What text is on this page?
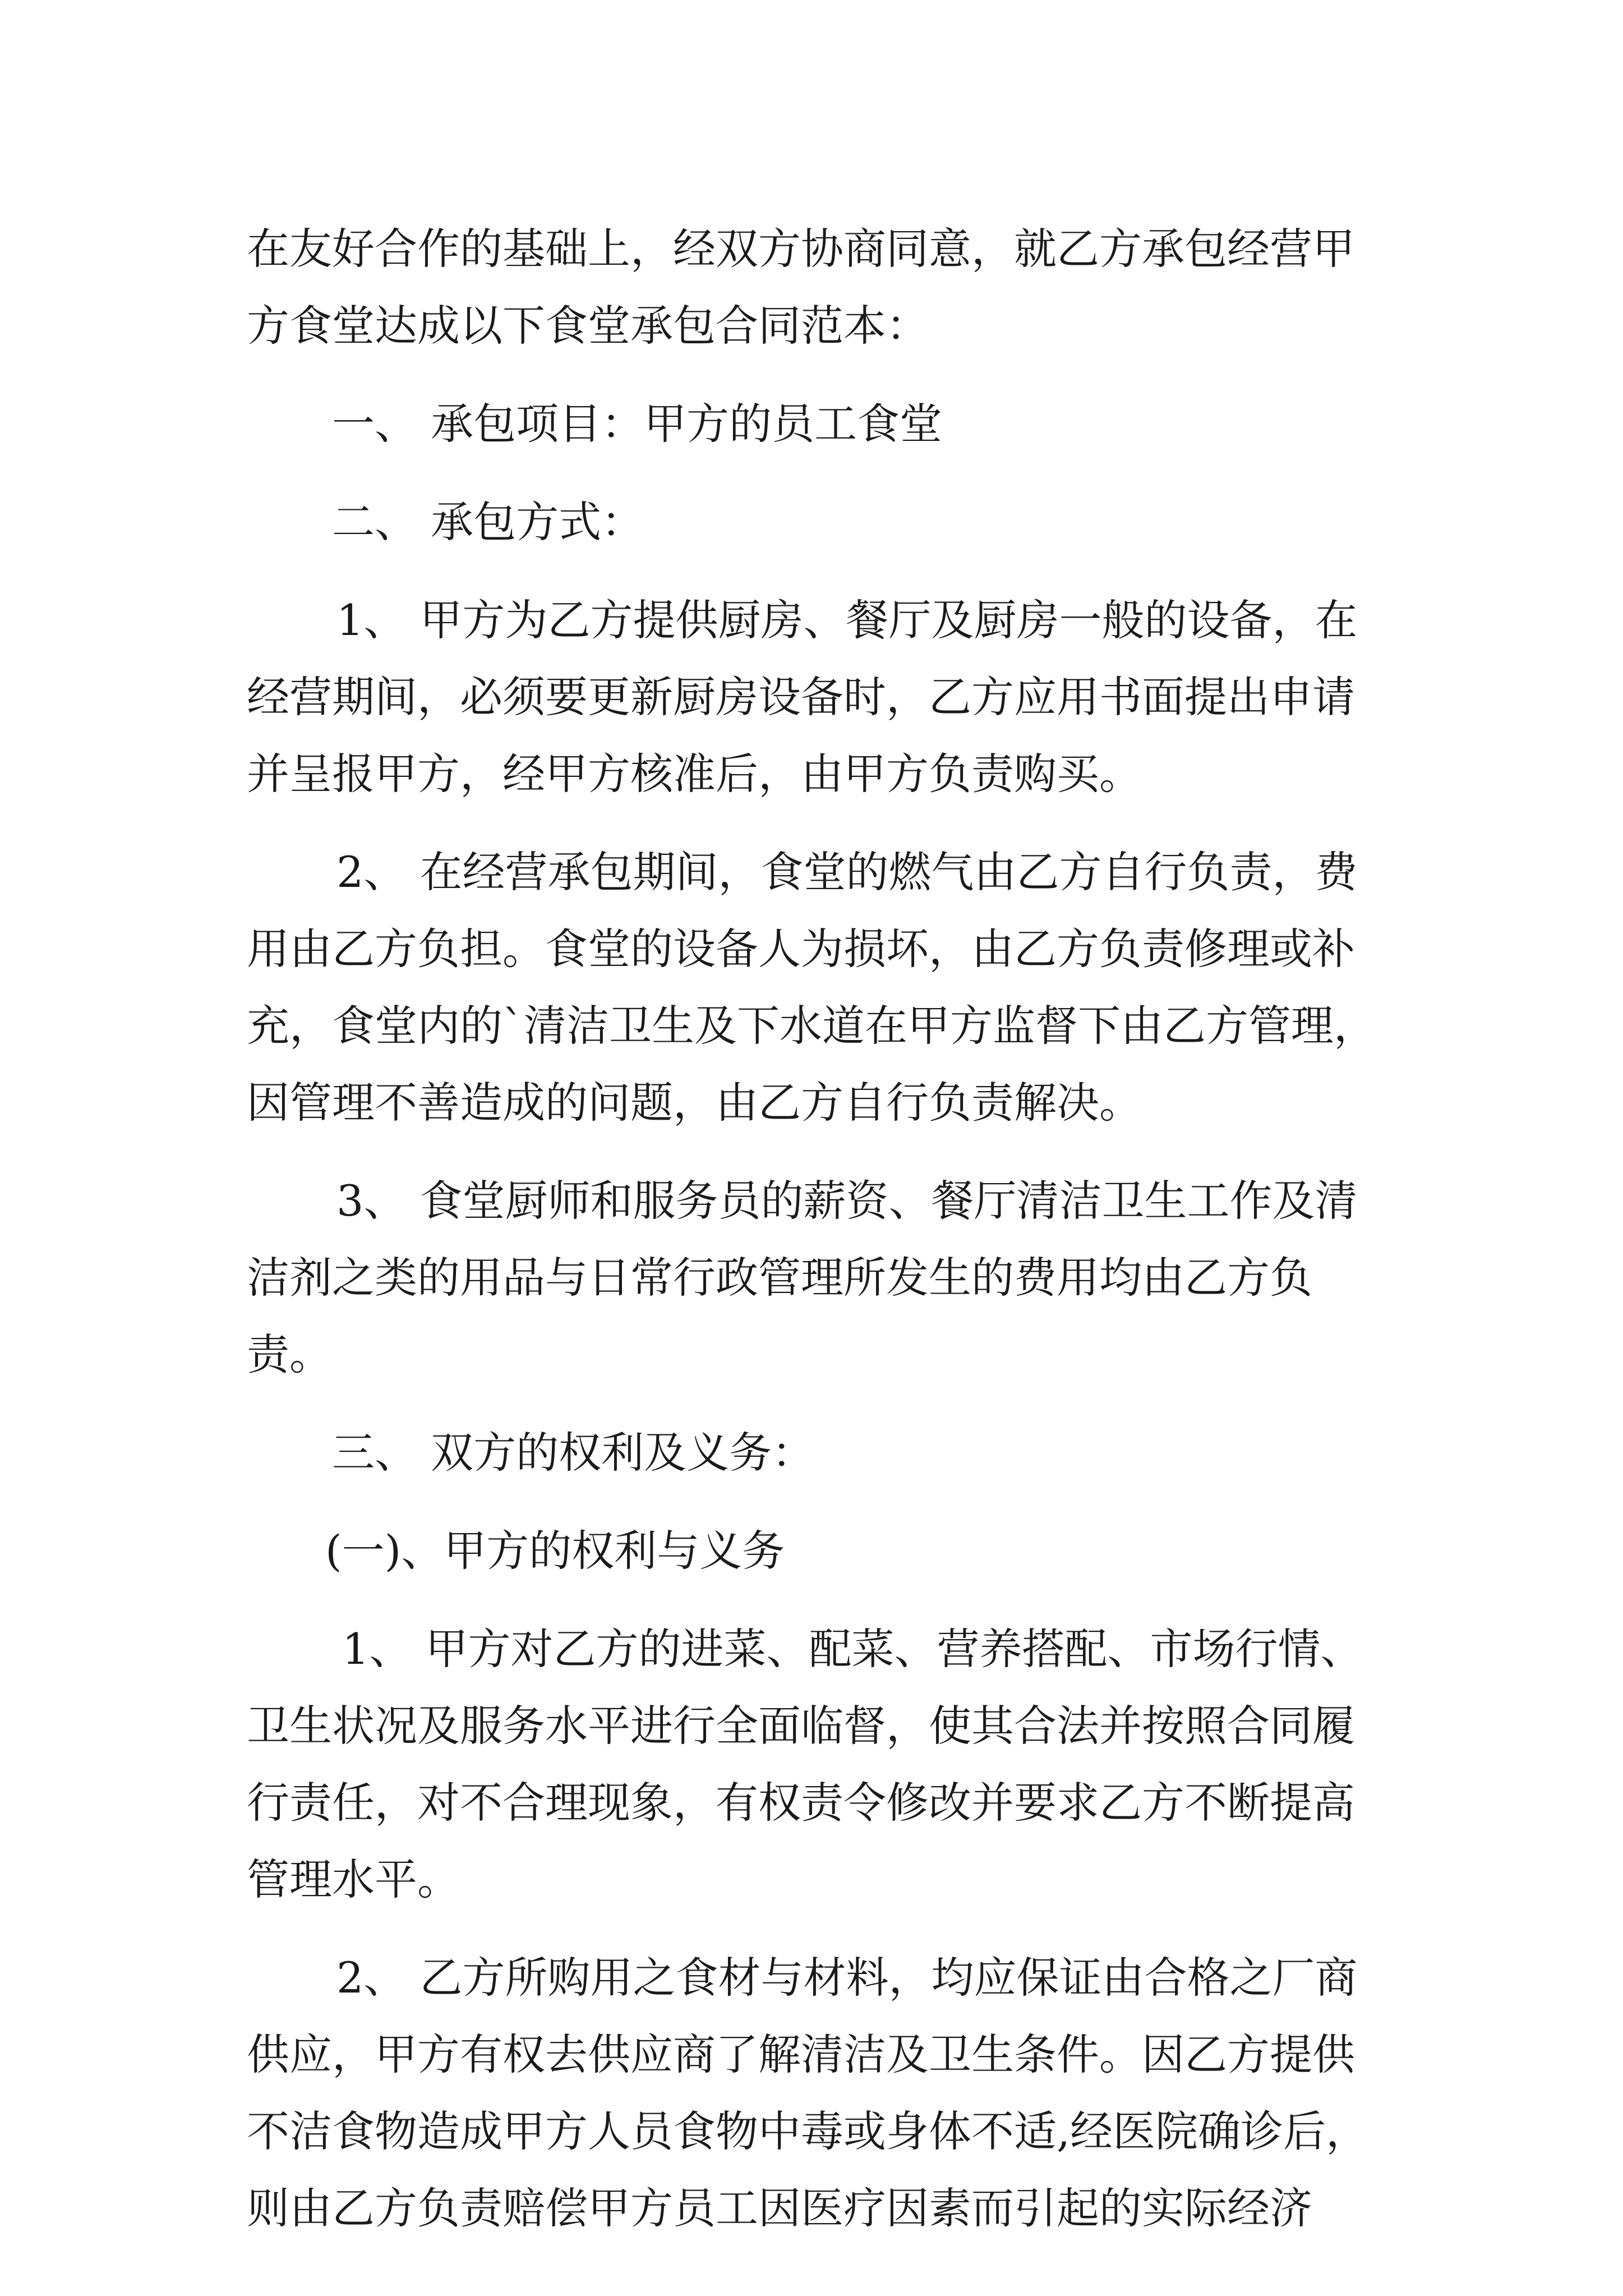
在友好合作的基础上，经双方协商同意，就乙方承包经营甲
方食堂达成以下食堂承包合同范本：
一、 承包项目：甲方的员工食堂
二、 承包方式：
1、 甲方为乙方提供厨房、餐厅及厨房一般的设备，在
经营期间，必须要更新厨房设备时，乙方应用书面提出申请
并呈报甲方，经甲方核准后，由甲方负责购买。
2、 在经营承包期间，食堂的燃气由乙方自行负责，费
用由乙方负担。食堂的设备人为损坏，由乙方负责修理或补
充，食堂内的`清洁卫生及下水道在甲方监督下由乙方管理，
因管理不善造成的问题，由乙方自行负责解决。
3、 食堂厨师和服务员的薪资、餐厅清洁卫生工作及清
洁剂之类的用品与日常行政管理所发生的费用均由乙方负
责。
三、 双方的权利及义务：
(一)、甲方的权利与义务
1、 甲方对乙方的进菜、配菜、营养搭配、市场行情、
卫生状况及服务水平进行全面临督，使其合法并按照合同履
行责任，对不合理现象，有权责令修改并要求乙方不断提高
管理水平。
2、 乙方所购用之食材与材料，均应保证由合格之厂商
供应，甲方有权去供应商了解清洁及卫生条件。因乙方提供
不洁食物造成甲方人员食物中毒或身体不适,经医院确诊后，
则由乙方负责赔偿甲方员工因医疗因素而引起的实际经济
